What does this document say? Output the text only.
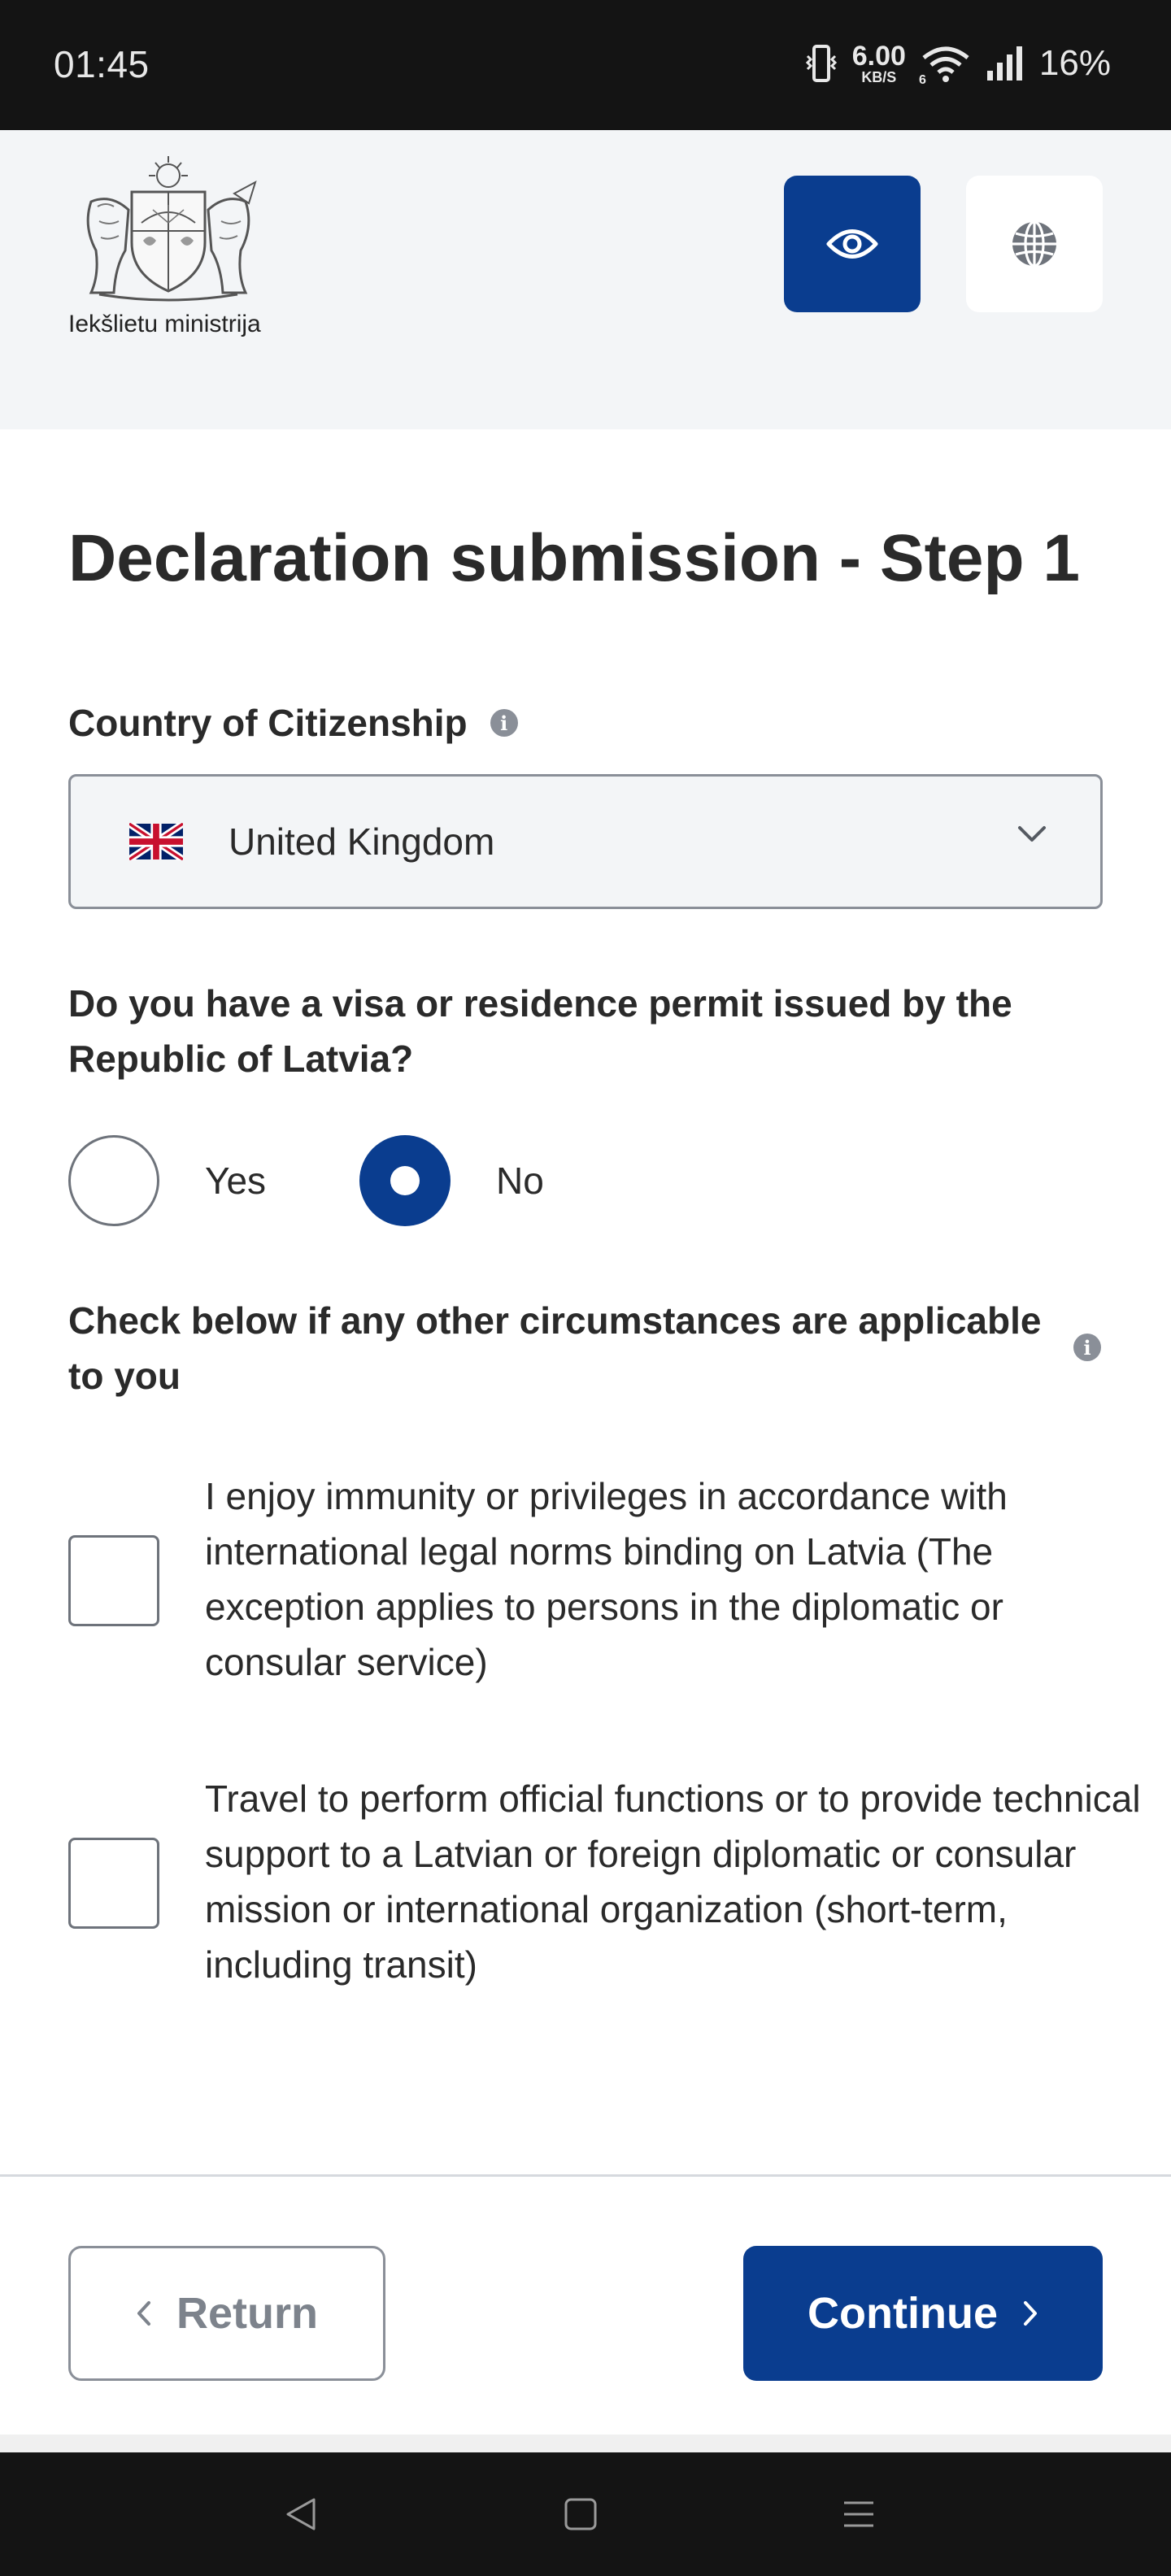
01:45	6.00
KB/S 6	16%
Iekšlietu ministrija
Declaration submission - Step 1
Country of Citizenship	i
United Kingdom
Do you have a visa or residence permit issued by the Republic of Latvia?
Yes	No
Check below if any other circumstances are applicable to you
i
I enjoy immunity or privileges in accordance with international legal norms binding on Latvia (The exception applies to persons in the diplomatic or consular service)
Travel to perform official functions or to provide technical support to a Latvian or foreign diplomatic or consular mission or international organization (short-term, including transit)
Return	Continue
